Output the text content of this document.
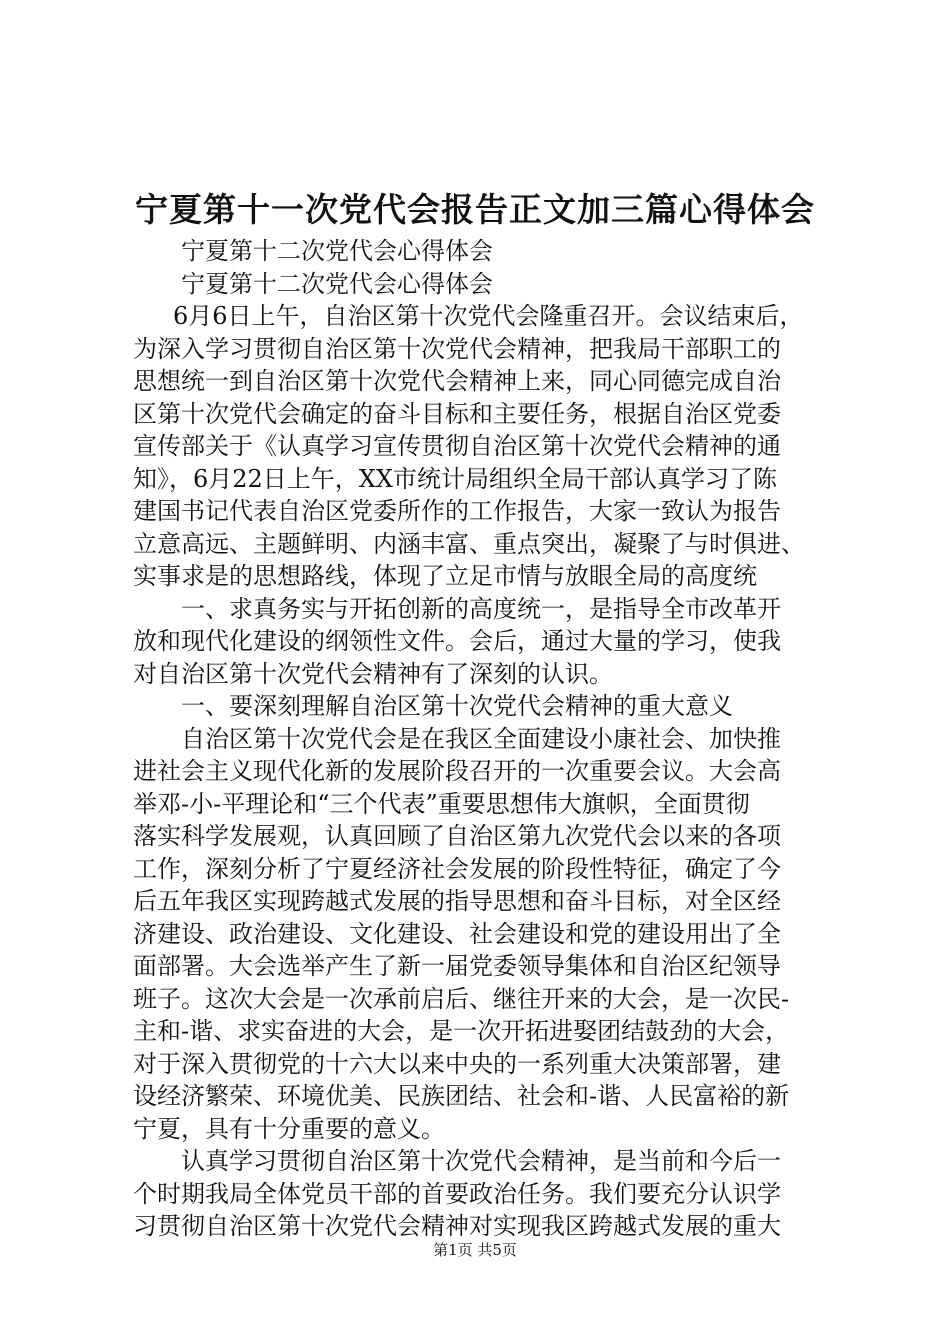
宁夏第十一次党代会报告正文加三篇心得体会
宁夏第十二次党代会心得体会
宁夏第十二次党代会心得体会
6月6日上午，自治区第十次党代会隆重召开。会议结束后，
为深入学习贯彻自治区第十次党代会精神，把我局干部职工的
思想统一到自治区第十次党代会精神上来，同心同德完成自治
区第十次党代会确定的奋斗目标和主要任务，根据自治区党委
宣传部关于《认真学习宣传贯彻自治区第十次党代会精神的通
知》，6月22日上午，XX市统计局组织全局干部认真学习了陈
建国书记代表自治区党委所作的工作报告，大家一致认为报告
立意高远、主题鲜明、内涵丰富、重点突出，凝聚了与时俱进、
实事求是的思想路线，体现了立足市情与放眼全局的高度统
一、求真务实与开拓创新的高度统一，是指导全市改革开
放和现代化建设的纲领性文件。会后，通过大量的学习，使我
对自治区第十次党代会精神有了深刻的认识。
一、要深刻理解自治区第十次党代会精神的重大意义
自治区第十次党代会是在我区全面建设小康社会、加快推
进社会主义现代化新的发展阶段召开的一次重要会议。大会高
举邓-小-平理论和“三个代表”重要思想伟大旗帜，全面贯彻
落实科学发展观，认真回顾了自治区第九次党代会以来的各项
工作，深刻分析了宁夏经济社会发展的阶段性特征，确定了今
后五年我区实现跨越式发展的指导思想和奋斗目标，对全区经
济建设、政治建设、文化建设、社会建设和党的建设用出了全
面部署。大会选举产生了新一届党委领导集体和自治区纪领导
班子。这次大会是一次承前启后、继往开来的大会，是一次民-
主和-谐、求实奋进的大会，是一次开拓进娶团结鼓劲的大会，
对于深入贯彻党的十六大以来中央的一系列重大决策部署，建
设经济繁荣、环境优美、民族团结、社会和-谐、人民富裕的新
宁夏，具有十分重要的意义。
认真学习贯彻自治区第十次党代会精神，是当前和今后一
个时期我局全体党员干部的首要政治任务。我们要充分认识学
习贯彻自治区第十次党代会精神对实现我区跨越式发展的重大
第1页 共5页
